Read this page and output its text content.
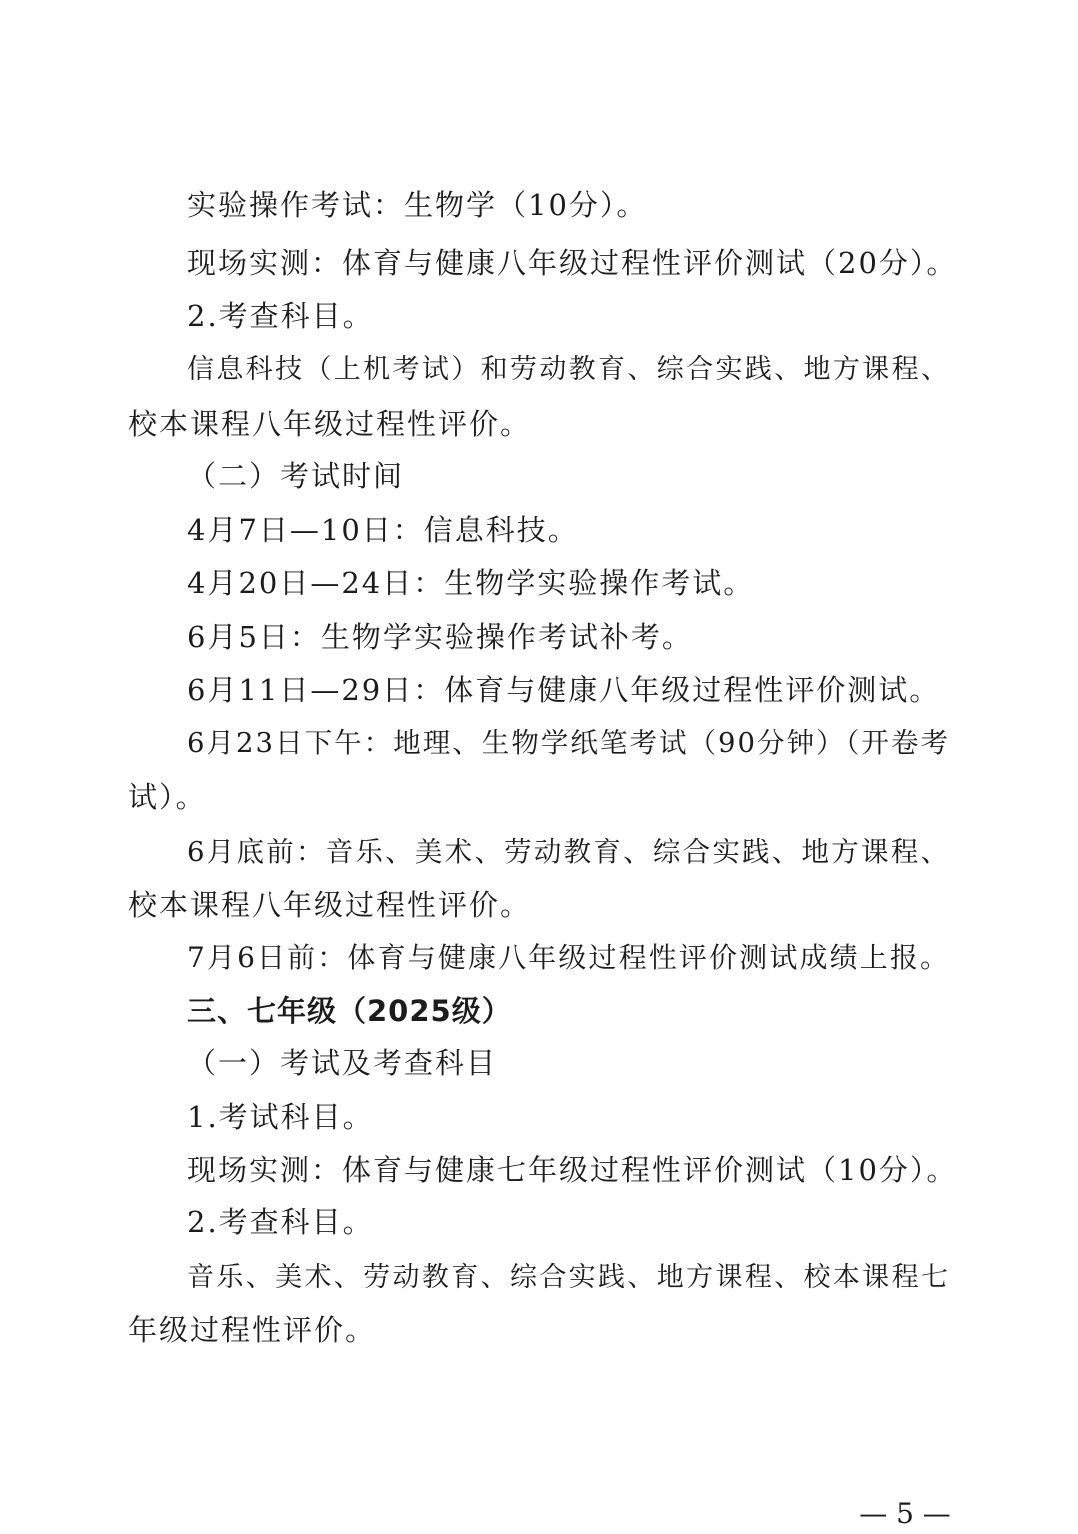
实验操作考试：生物学（10分）。
现场实测：体育与健康八年级过程性评价测试（20分）。
2.考查科目。
信息科技（上机考试）和劳动教育、综合实践、地方课程、
校本课程八年级过程性评价。
（二）考试时间
4月7日—10日：信息科技。
4月20日—24日：生物学实验操作考试。
6月5日：生物学实验操作考试补考。
6月11日—29日：体育与健康八年级过程性评价测试。
6月23日下午：地理、生物学纸笔考试（90分钟）（开卷考
试）。
6月底前：音乐、美术、劳动教育、综合实践、地方课程、
校本课程八年级过程性评价。
7月6日前：体育与健康八年级过程性评价测试成绩上报。
三、七年级（2025级）
（一）考试及考查科目
1.考试科目。
现场实测：体育与健康七年级过程性评价测试（10分）。
2.考查科目。
音乐、美术、劳动教育、综合实践、地方课程、校本课程七
年级过程性评价。
— 5 —
